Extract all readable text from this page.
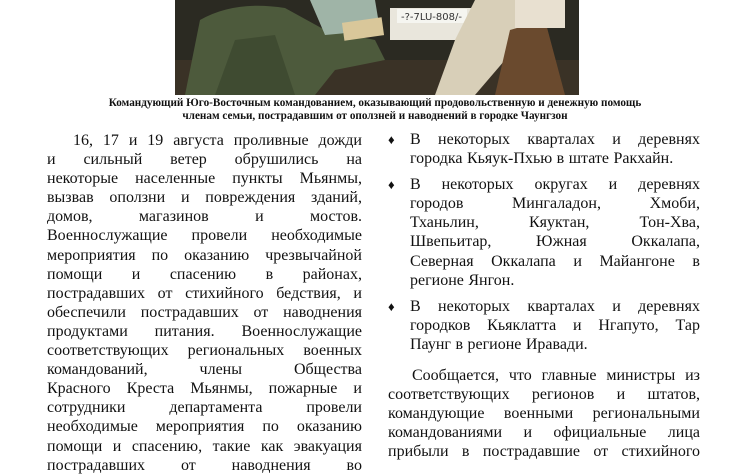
-?-7LU-808/-
Командующий Юго-Восточным командованием, оказывающий продовольственную и денежную помощь
членам семьи, пострадавшим от оползней и наводнений в городке Чаунгзон
16, 17 и 19 августа проливные дожди
и сильный ветер обрушились на
некоторые населенные пункты Мьянмы,
вызвав оползни и повреждения зданий,
домов,	магазинов	и	мостов.
Военнослужащие провели необходимые
мероприятия по оказанию чрезвычайной
помощи и спасению в районах,
пострадавших от стихийного бедствия, и
обеспечили пострадавших от наводнения
продуктами питания. Военнослужащие
соответствующих региональных военных
командований,	члены	Общества
Красного Креста Мьянмы, пожарные и
сотрудники	департамента	провели
необходимые мероприятия по оказанию
помощи и спасению, такие как эвакуация
пострадавших от наводнения во
♦ В некоторых кварталах и деревнях
городка Кьяук-Пхью в штате Ракхайн.
♦ В некоторых округах и деревнях
городов	Мингаладон,	Хмоби,
Тханьлин,	Кяуктан,	Тон-Хва,
Швепьитар,	Южная	Оккалапа,
Северная Оккалапа и Майангоне в
регионе Янгон.
♦ В некоторых кварталах и деревнях
городков Кьяклатта и Нгапуто, Тар
Паунг в регионе Иравади.
Сообщается, что главные министры из
соответствующих регионов и штатов,
командующие военными региональными
командованиями и официальные лица
прибыли в пострадавшие от стихийного
